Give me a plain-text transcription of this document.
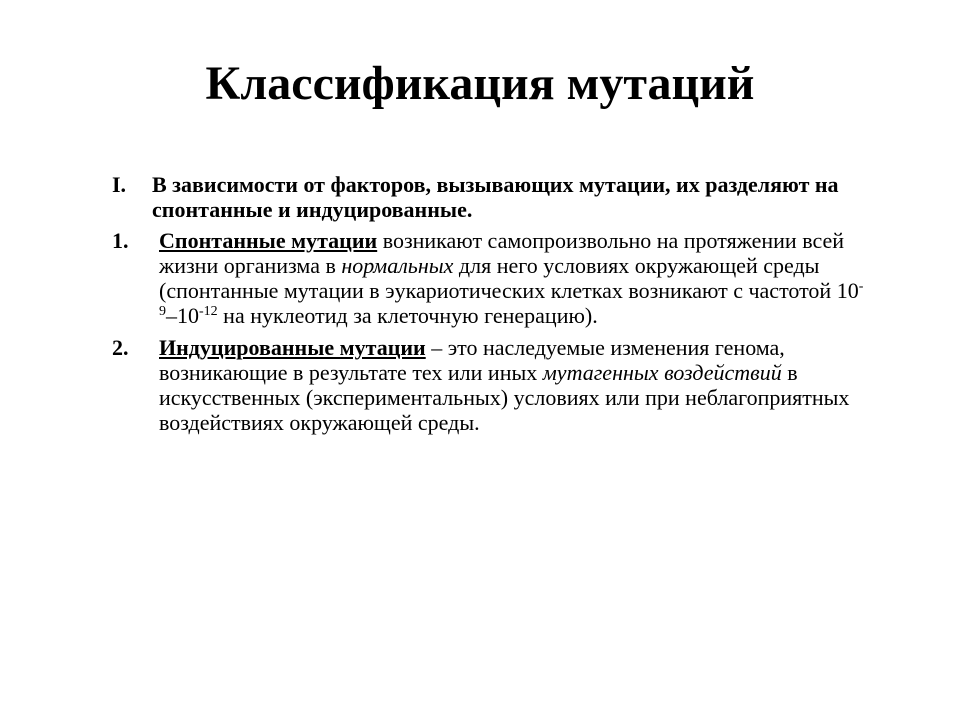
Классификация мутаций
I. В зависимости от факторов, вызывающих мутации, их разделяют на спонтанные и индуцированные.
1. Спонтанные мутации возникают самопроизвольно на протяжении всей жизни организма в нормальных для него условиях окружающей среды (спонтанные мутации в эукариотических клетках возникают с частотой $10^{-9}-10^{-12}$ на нуклеотид за клеточную генерацию).
2. Индуцированные мутации – это наследуемые изменения генома, возникающие в результате тех или иных мутагенных воздействий в искусственных (экспериментальных) условиях или при неблагоприятных воздействиях окружающей среды.
